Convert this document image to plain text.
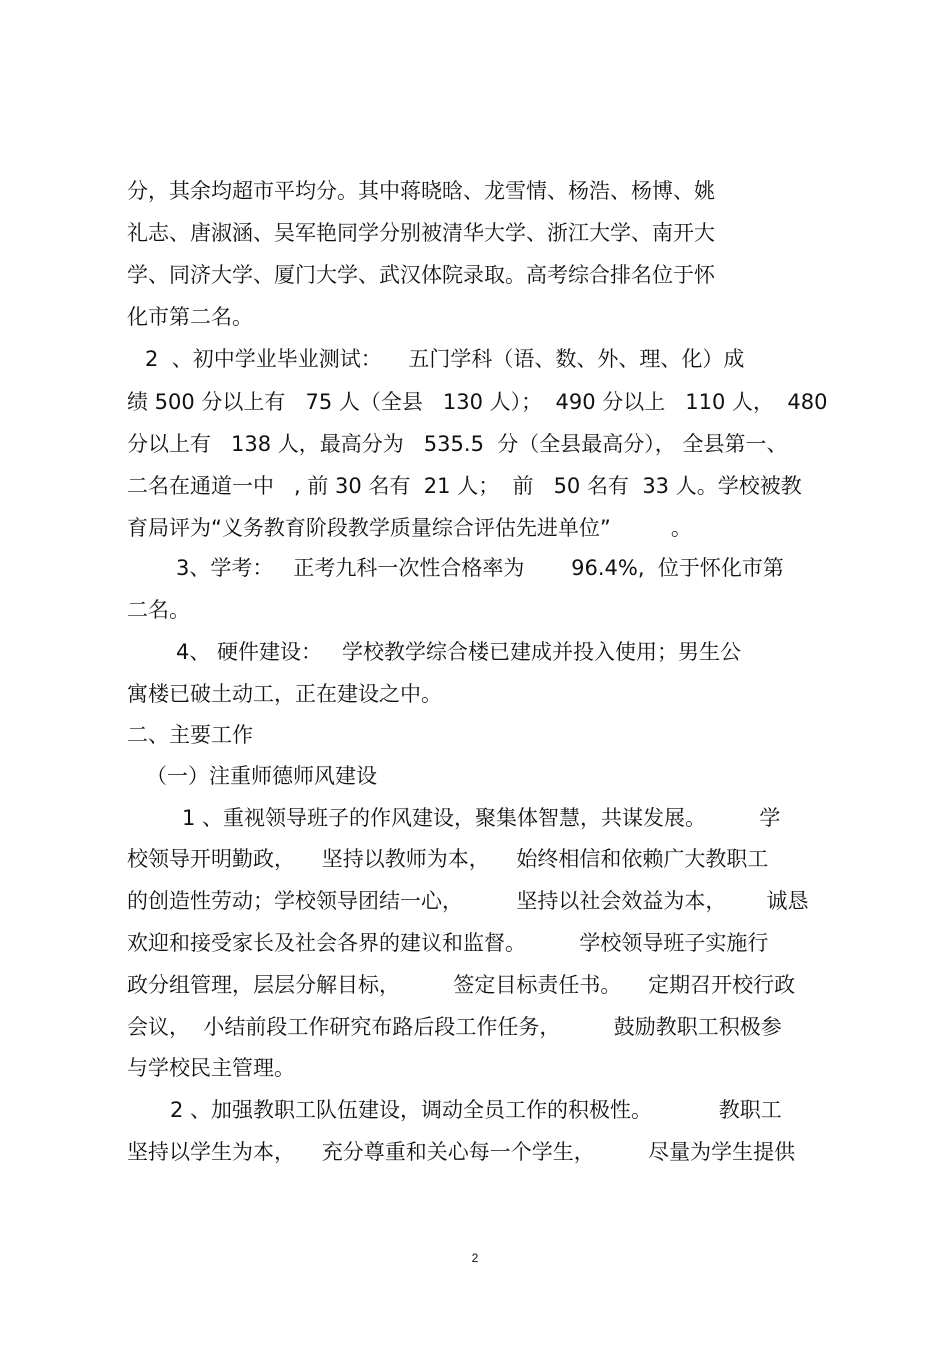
分，其余均超市平均分。其中蒋晓晗、龙雪情、杨浩、杨博、姚
礼志、唐淑涵、吴军艳同学分别被清华大学、浙江大学、南开大
学、同济大学、厦门大学、武汉体院录取。高考综合排名位于怀
化市第二名。
2  、初中学业毕业测试：    五门学科（语、数、外、理、化）成
绩 500 分以上有   75 人（全县   130 人）；  490 分以上   110 人，  480
分以上有   138 人，最高分为   535.5  分（全县最高分）， 全县第一、
二名在通道一中   , 前 30 名有  21 人；  前   50 名有  33 人。学校被教
育局评为“义务教育阶段教学质量综合评估先进单位”         。
3、学考：   正考九科一次性合格率为       96.4%,  位于怀化市第
二名。
4、 硬件建设：   学校教学综合楼已建成并投入使用；男生公
寓楼已破土动工，正在建设之中。
二、主要工作
（一）注重师德师风建设
1 、重视领导班子的作风建设，聚集体智慧，共谋发展。        学
校领导开明勤政，    坚持以教师为本，    始终相信和依赖广大教职工
的创造性劳动；学校领导团结一心，        坚持以社会效益为本，      诚恳
欢迎和接受家长及社会各界的建议和监督。        学校领导班子实施行
政分组管理，层层分解目标，        签定目标责任书。    定期召开校行政
会议，  小结前段工作研究布路后段工作任务，        鼓励教职工积极参
与学校民主管理。
2 、加强教职工队伍建设，调动全员工作的积极性。          教职工
坚持以学生为本，    充分尊重和关心每一个学生，        尽量为学生提供
2
